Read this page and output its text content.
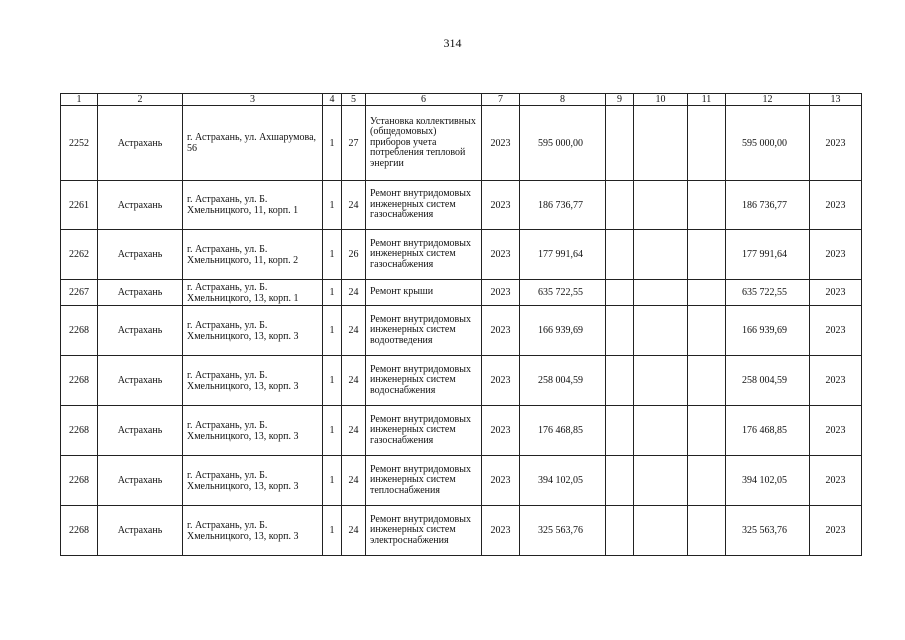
314
1	2	3	4	5	6	7	8	9	10	11	12	13
2252	Астрахань	г. Астрахань, ул. Ахшарумова, 56	1	27	Установка коллективных (общедомовых) приборов учета потребления тепловой энергии	2023	595 000,00				595 000,00	2023
2261	Астрахань	г. Астрахань, ул. Б. Хмельницкого, 11, корп. 1	1	24	Ремонт внутридомовых инженерных систем газоснабжения	2023	186 736,77				186 736,77	2023
2262	Астрахань	г. Астрахань, ул. Б. Хмельницкого, 11, корп. 2	1	26	Ремонт внутридомовых инженерных систем газоснабжения	2023	177 991,64				177 991,64	2023
2267	Астрахань	г. Астрахань, ул. Б. Хмельницкого, 13, корп. 1	1	24	Ремонт крыши	2023	635 722,55				635 722,55	2023
2268	Астрахань	г. Астрахань, ул. Б. Хмельницкого, 13, корп. 3	1	24	Ремонт внутридомовых инженерных систем водоотведения	2023	166 939,69				166 939,69	2023
2268	Астрахань	г. Астрахань, ул. Б. Хмельницкого, 13, корп. 3	1	24	Ремонт внутридомовых инженерных систем водоснабжения	2023	258 004,59				258 004,59	2023
2268	Астрахань	г. Астрахань, ул. Б. Хмельницкого, 13, корп. 3	1	24	Ремонт внутридомовых инженерных систем газоснабжения	2023	176 468,85				176 468,85	2023
2268	Астрахань	г. Астрахань, ул. Б. Хмельницкого, 13, корп. 3	1	24	Ремонт внутридомовых инженерных систем теплоснабжения	2023	394 102,05				394 102,05	2023
2268	Астрахань	г. Астрахань, ул. Б. Хмельницкого, 13, корп. 3	1	24	Ремонт внутридомовых инженерных систем электроснабжения	2023	325 563,76				325 563,76	2023
